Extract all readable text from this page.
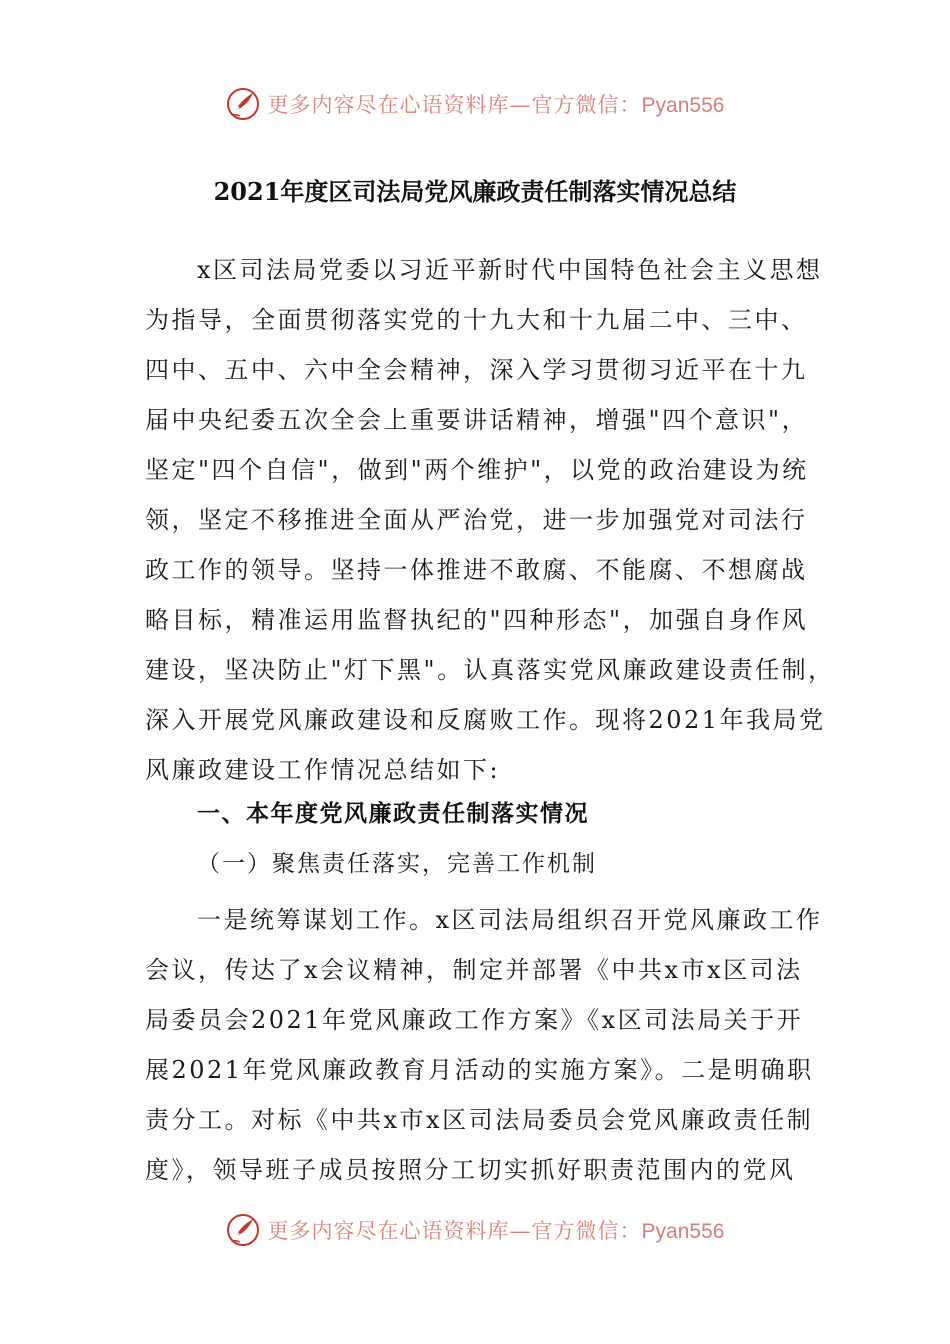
更多内容尽在心语资料库—官方微信：Pyan556
2021年度区司法局党风廉政责任制落实情况总结

x区司法局党委以习近平新时代中国特色社会主义思想
为指导，全面贯彻落实党的十九大和十九届二中、三中、
四中、五中、六中全会精神，深入学习贯彻习近平在十九
届中央纪委五次全会上重要讲话精神，增强"四个意识"，
坚定"四个自信"，做到"两个维护"，以党的政治建设为统
领，坚定不移推进全面从严治党，进一步加强党对司法行
政工作的领导。坚持一体推进不敢腐、不能腐、不想腐战
略目标，精准运用监督执纪的"四种形态"，加强自身作风
建设，坚决防止"灯下黑"。认真落实党风廉政建设责任制，
深入开展党风廉政建设和反腐败工作。现将2021年我局党
风廉政建设工作情况总结如下:

一、本年度党风廉政责任制落实情况
（一）聚焦责任落实，完善工作机制

一是统筹谋划工作。x区司法局组织召开党风廉政工作
会议，传达了x会议精神，制定并部署《中共x市x区司法
局委员会2021年党风廉政工作方案》《x区司法局关于开
展2021年党风廉政教育月活动的实施方案》。二是明确职
责分工。对标《中共x市x区司法局委员会党风廉政责任制
度》，领导班子成员按照分工切实抓好职责范围内的党风

更多内容尽在心语资料库—官方微信：Pyan556
